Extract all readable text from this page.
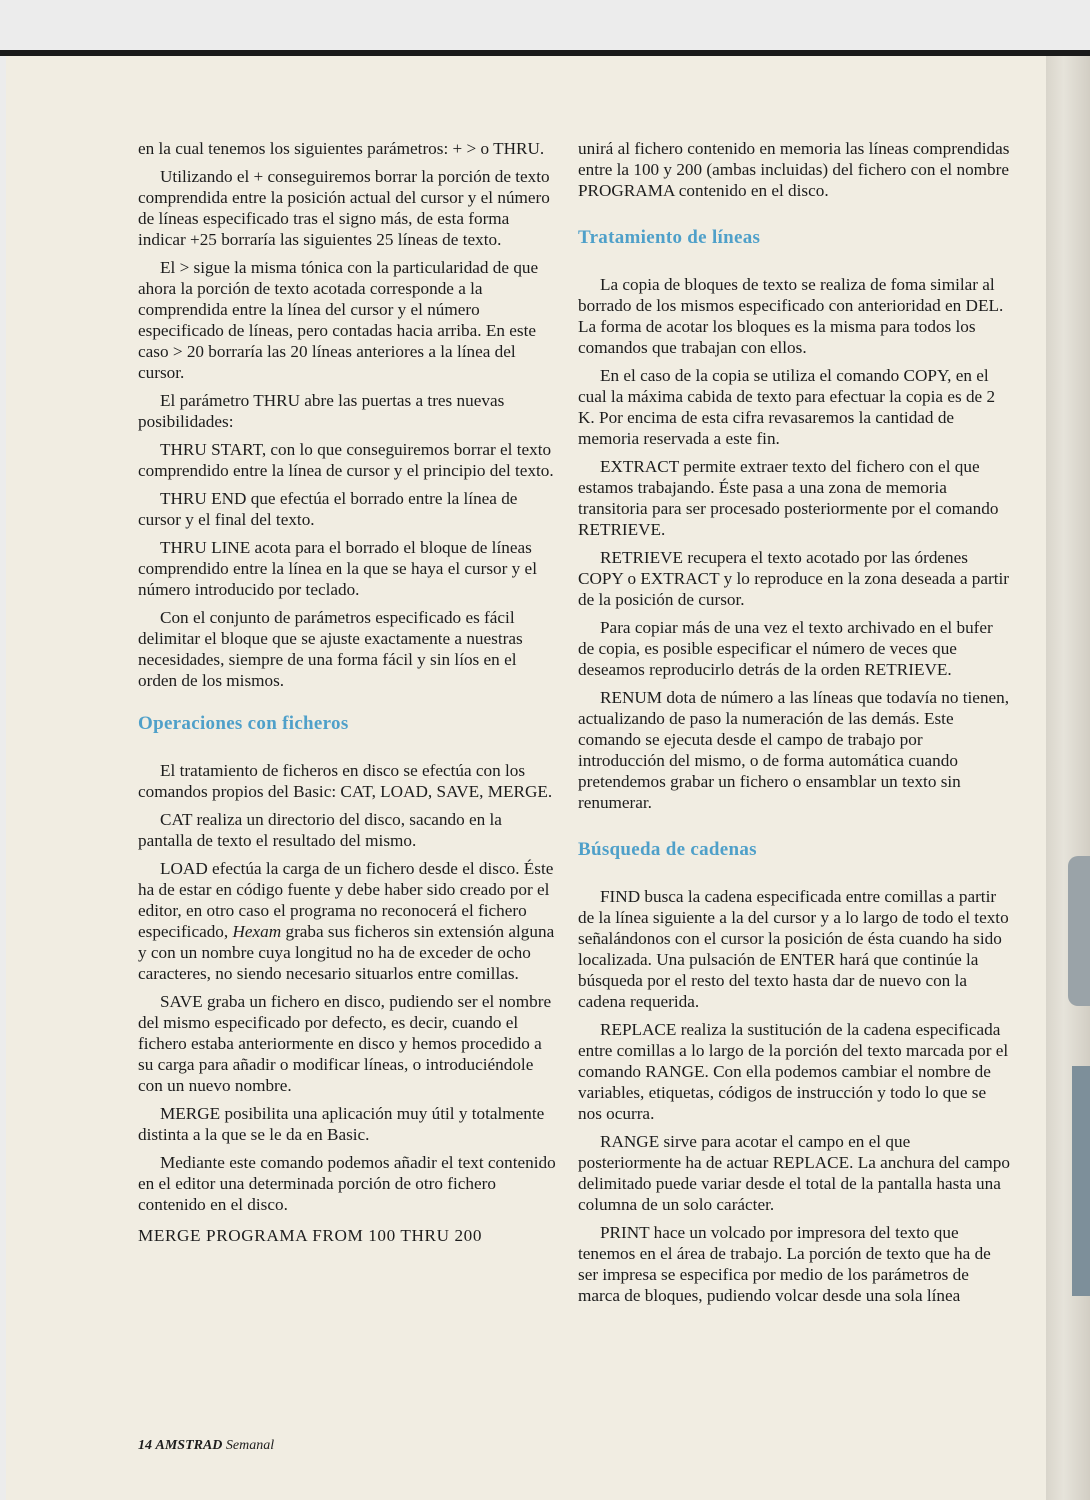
en la cual tenemos los siguientes parámetros: + > o THRU.

Utilizando el + conseguiremos borrar la porción de texto comprendida entre la posición actual del cursor y el número de líneas especificado tras el signo más, de esta forma indicar +25 borraría las siguientes 25 líneas de texto.

El > sigue la misma tónica con la particularidad de que ahora la porción de texto acotada corresponde a la comprendida entre la línea del cursor y el número especificado de líneas, pero contadas hacia arriba. En este caso > 20 borraría las 20 líneas anteriores a la línea del cursor.

El parámetro THRU abre las puertas a tres nuevas posibilidades:

THRU START, con lo que conseguiremos borrar el texto comprendido entre la línea de cursor y el principio del texto.

THRU END que efectúa el borrado entre la línea de cursor y el final del texto.

THRU LINE acota para el borrado el bloque de líneas comprendido entre la línea en la que se haya el cursor y el número introducido por teclado.

Con el conjunto de parámetros especificado es fácil delimitar el bloque que se ajuste exactamente a nuestras necesidades, siempre de una forma fácil y sin líos en el orden de los mismos.

Operaciones con ficheros

El tratamiento de ficheros en disco se efectúa con los comandos propios del Basic: CAT, LOAD, SAVE, MERGE.

CAT realiza un directorio del disco, sacando en la pantalla de texto el resultado del mismo.

LOAD efectúa la carga de un fichero desde el disco. Éste ha de estar en código fuente y debe haber sido creado por el editor, en otro caso el programa no reconocerá el fichero especificado, Hexam graba sus ficheros sin extensión alguna y con un nombre cuya longitud no ha de exceder de ocho caracteres, no siendo necesario situarlos entre comillas.

SAVE graba un fichero en disco, pudiendo ser el nombre del mismo especificado por defecto, es decir, cuando el fichero estaba anteriormente en disco y hemos procedido a su carga para añadir o modificar líneas, o introduciéndole con un nuevo nombre.

MERGE posibilita una aplicación muy útil y totalmente distinta a la que se le da en Basic.

Mediante este comando podemos añadir el text contenido en el editor una determinada porción de otro fichero contenido en el disco.

MERGE PROGRAMA FROM 100 THRU 200

unirá al fichero contenido en memoria las líneas comprendidas entre la 100 y 200 (ambas incluidas) del fichero con el nombre PROGRAMA contenido en el disco.

Tratamiento de líneas

La copia de bloques de texto se realiza de foma similar al borrado de los mismos especificado con anterioridad en DEL. La forma de acotar los bloques es la misma para todos los comandos que trabajan con ellos.

En el caso de la copia se utiliza el comando COPY, en el cual la máxima cabida de texto para efectuar la copia es de 2 K. Por encima de esta cifra revasaremos la cantidad de memoria reservada a este fin.

EXTRACT permite extraer texto del fichero con el que estamos trabajando. Éste pasa a una zona de memoria transitoria para ser procesado posteriormente por el comando RETRIEVE.

RETRIEVE recupera el texto acotado por las órdenes COPY o EXTRACT y lo reproduce en la zona deseada a partir de la posición de cursor.

Para copiar más de una vez el texto archivado en el bufer de copia, es posible especificar el número de veces que deseamos reproducirlo detrás de la orden RETRIEVE.

RENUM dota de número a las líneas que todavía no tienen, actualizando de paso la numeración de las demás. Este comando se ejecuta desde el campo de trabajo por introducción del mismo, o de forma automática cuando pretendemos grabar un fichero o ensamblar un texto sin renumerar.

Búsqueda de cadenas

FIND busca la cadena especificada entre comillas a partir de la línea siguiente a la del cursor y a lo largo de todo el texto señalándonos con el cursor la posición de ésta cuando ha sido localizada. Una pulsación de ENTER hará que continúe la búsqueda por el resto del texto hasta dar de nuevo con la cadena requerida.

REPLACE realiza la sustitución de la cadena especificada entre comillas a lo largo de la porción del texto marcada por el comando RANGE. Con ella podemos cambiar el nombre de variables, etiquetas, códigos de instrucción y todo lo que se nos ocurra.

RANGE sirve para acotar el campo en el que posteriormente ha de actuar REPLACE. La anchura del campo delimitado puede variar desde el total de la pantalla hasta una columna de un solo carácter.

PRINT hace un volcado por impresora del texto que tenemos en el área de trabajo. La porción de texto que ha de ser impresa se especifica por medio de los parámetros de marca de bloques, pudiendo volcar desde una sola línea

14 AMSTRAD Semanal
